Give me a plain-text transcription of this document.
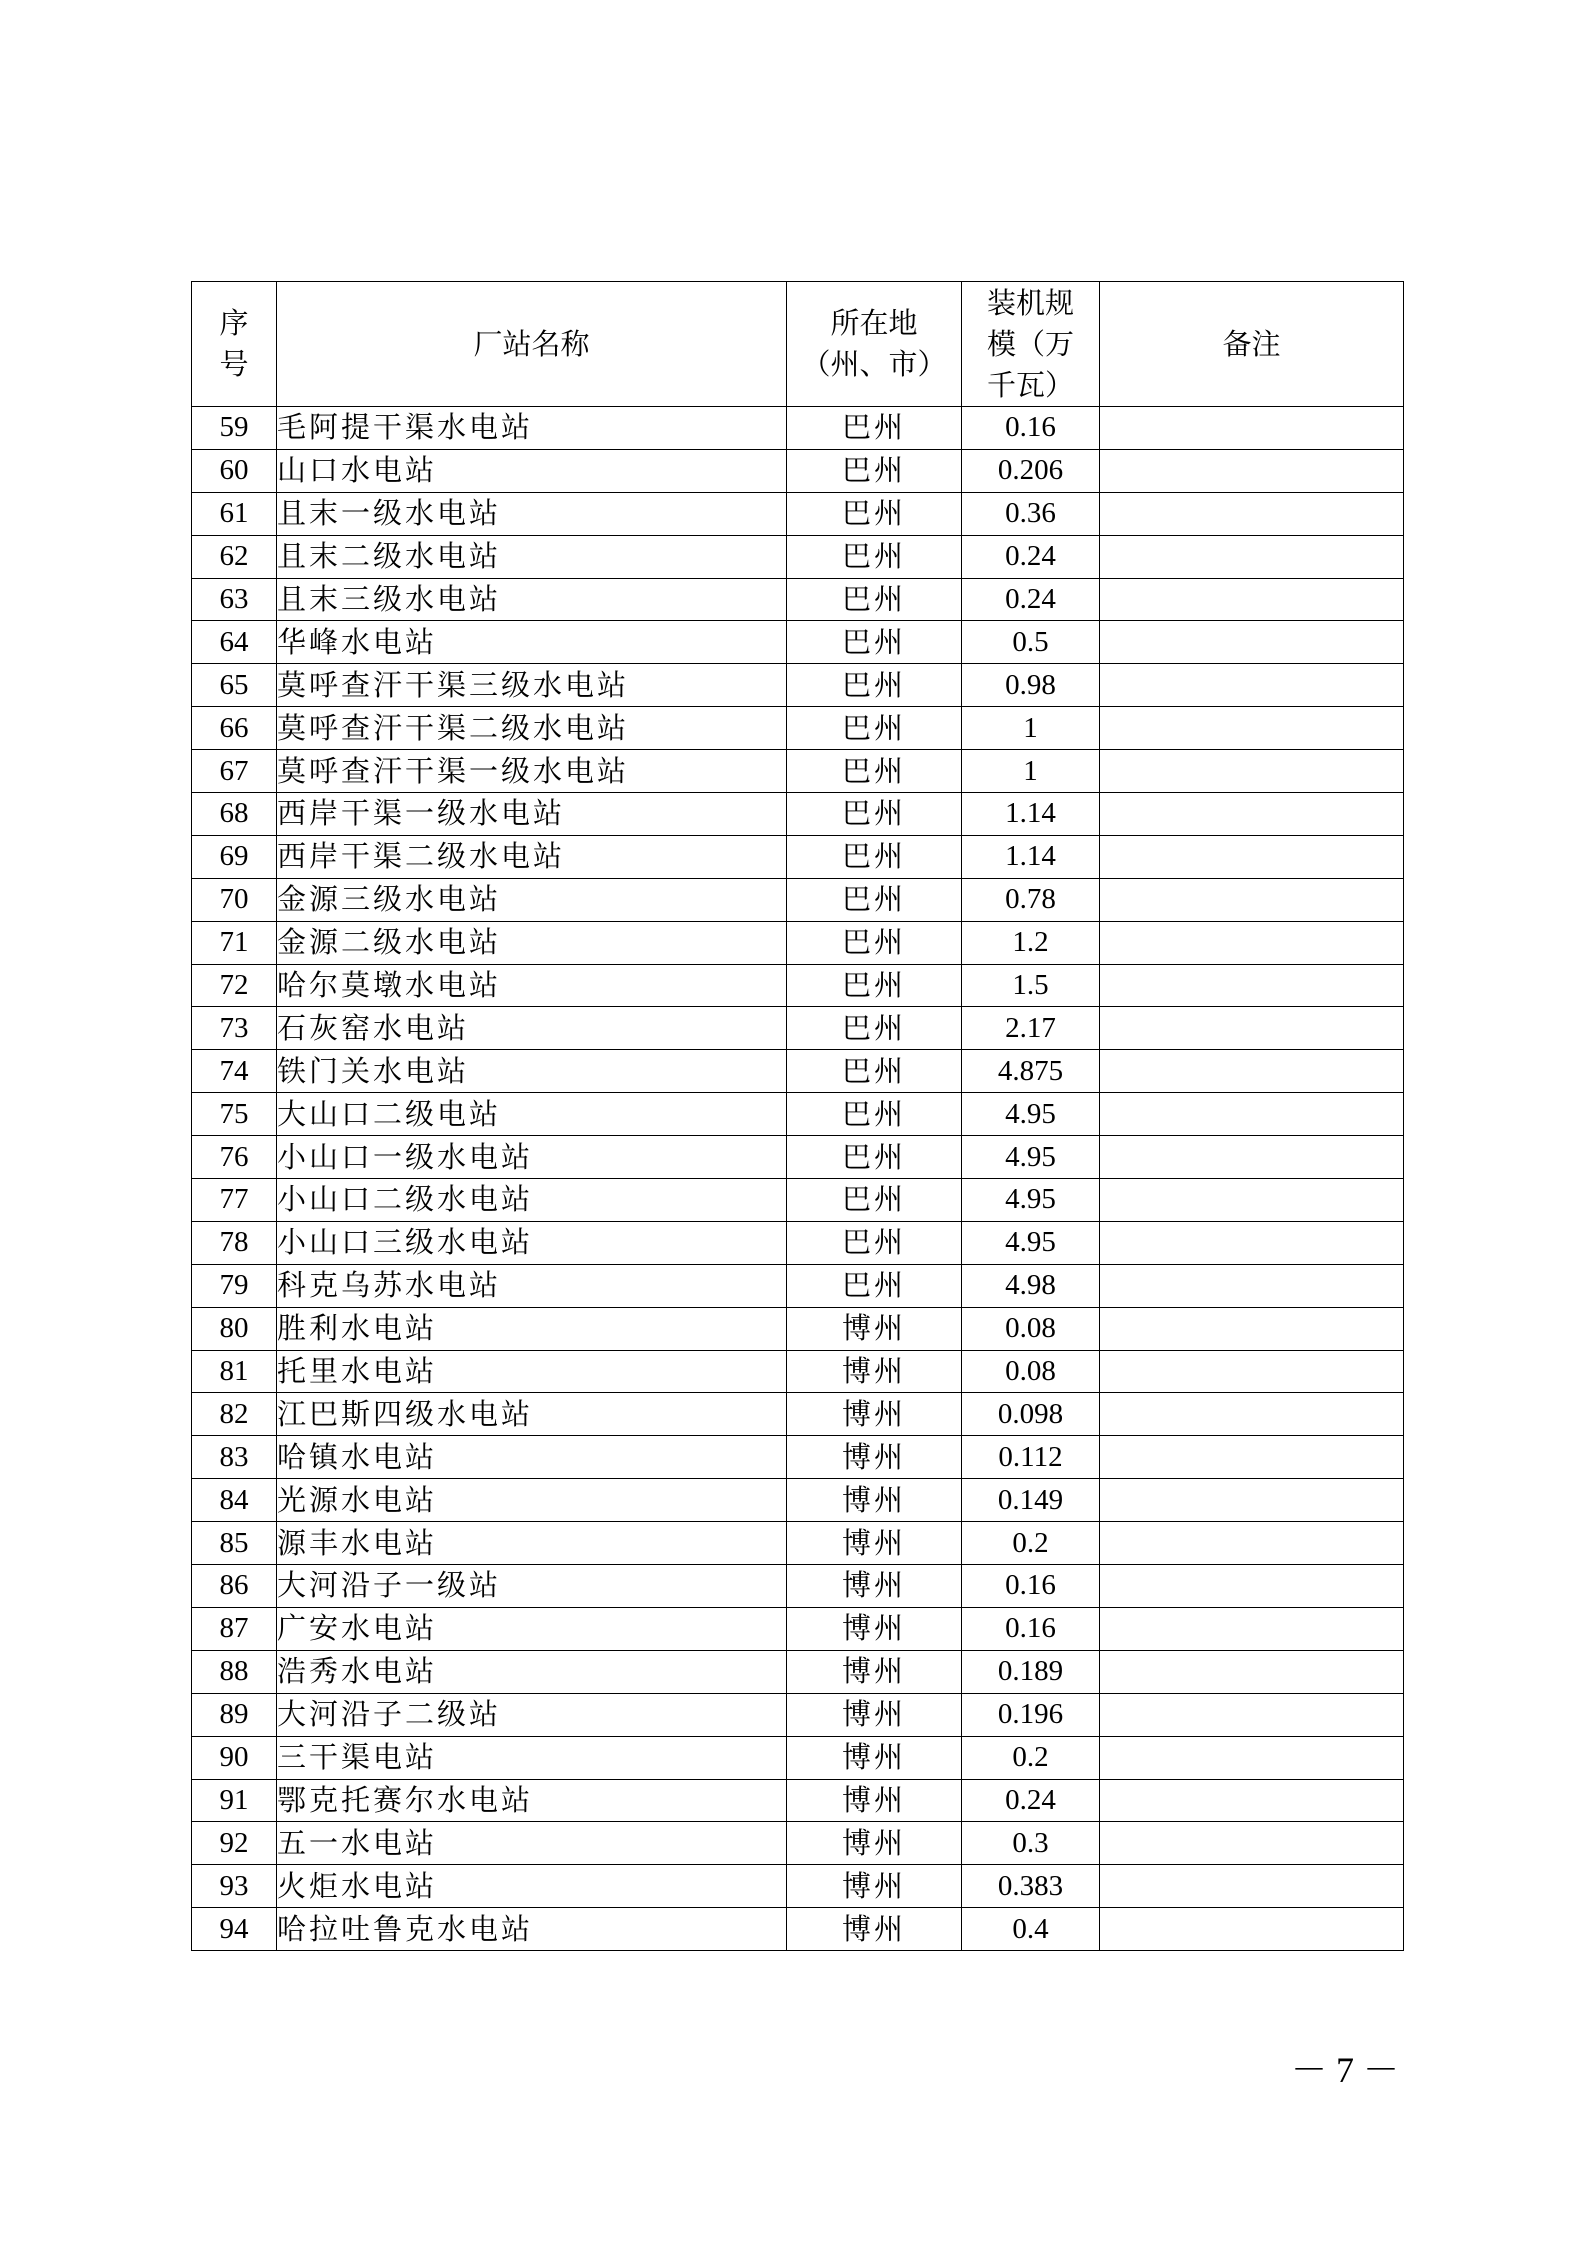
序号	厂站名称	所在地（州、市）	装机规模（万千瓦）	备注
59	毛阿提干渠水电站	巴州	0.16	
60	山口水电站	巴州	0.206	
61	且末一级水电站	巴州	0.36	
62	且末二级水电站	巴州	0.24	
63	且末三级水电站	巴州	0.24	
64	华峰水电站	巴州	0.5	
65	莫呼查汗干渠三级水电站	巴州	0.98	
66	莫呼查汗干渠二级水电站	巴州	1	
67	莫呼查汗干渠一级水电站	巴州	1	
68	西岸干渠一级水电站	巴州	1.14	
69	西岸干渠二级水电站	巴州	1.14	
70	金源三级水电站	巴州	0.78	
71	金源二级水电站	巴州	1.2	
72	哈尔莫墩水电站	巴州	1.5	
73	石灰窑水电站	巴州	2.17	
74	铁门关水电站	巴州	4.875	
75	大山口二级电站	巴州	4.95	
76	小山口一级水电站	巴州	4.95	
77	小山口二级水电站	巴州	4.95	
78	小山口三级水电站	巴州	4.95	
79	科克乌苏水电站	巴州	4.98	
80	胜利水电站	博州	0.08	
81	托里水电站	博州	0.08	
82	江巴斯四级水电站	博州	0.098	
83	哈镇水电站	博州	0.112	
84	光源水电站	博州	0.149	
85	源丰水电站	博州	0.2	
86	大河沿子一级站	博州	0.16	
87	广安水电站	博州	0.16	
88	浩秀水电站	博州	0.189	
89	大河沿子二级站	博州	0.196	
90	三干渠电站	博州	0.2	
91	鄂克托赛尔水电站	博州	0.24	
92	五一水电站	博州	0.3	
93	火炬水电站	博州	0.383	
94	哈拉吐鲁克水电站	博州	0.4	
－ 7 －
